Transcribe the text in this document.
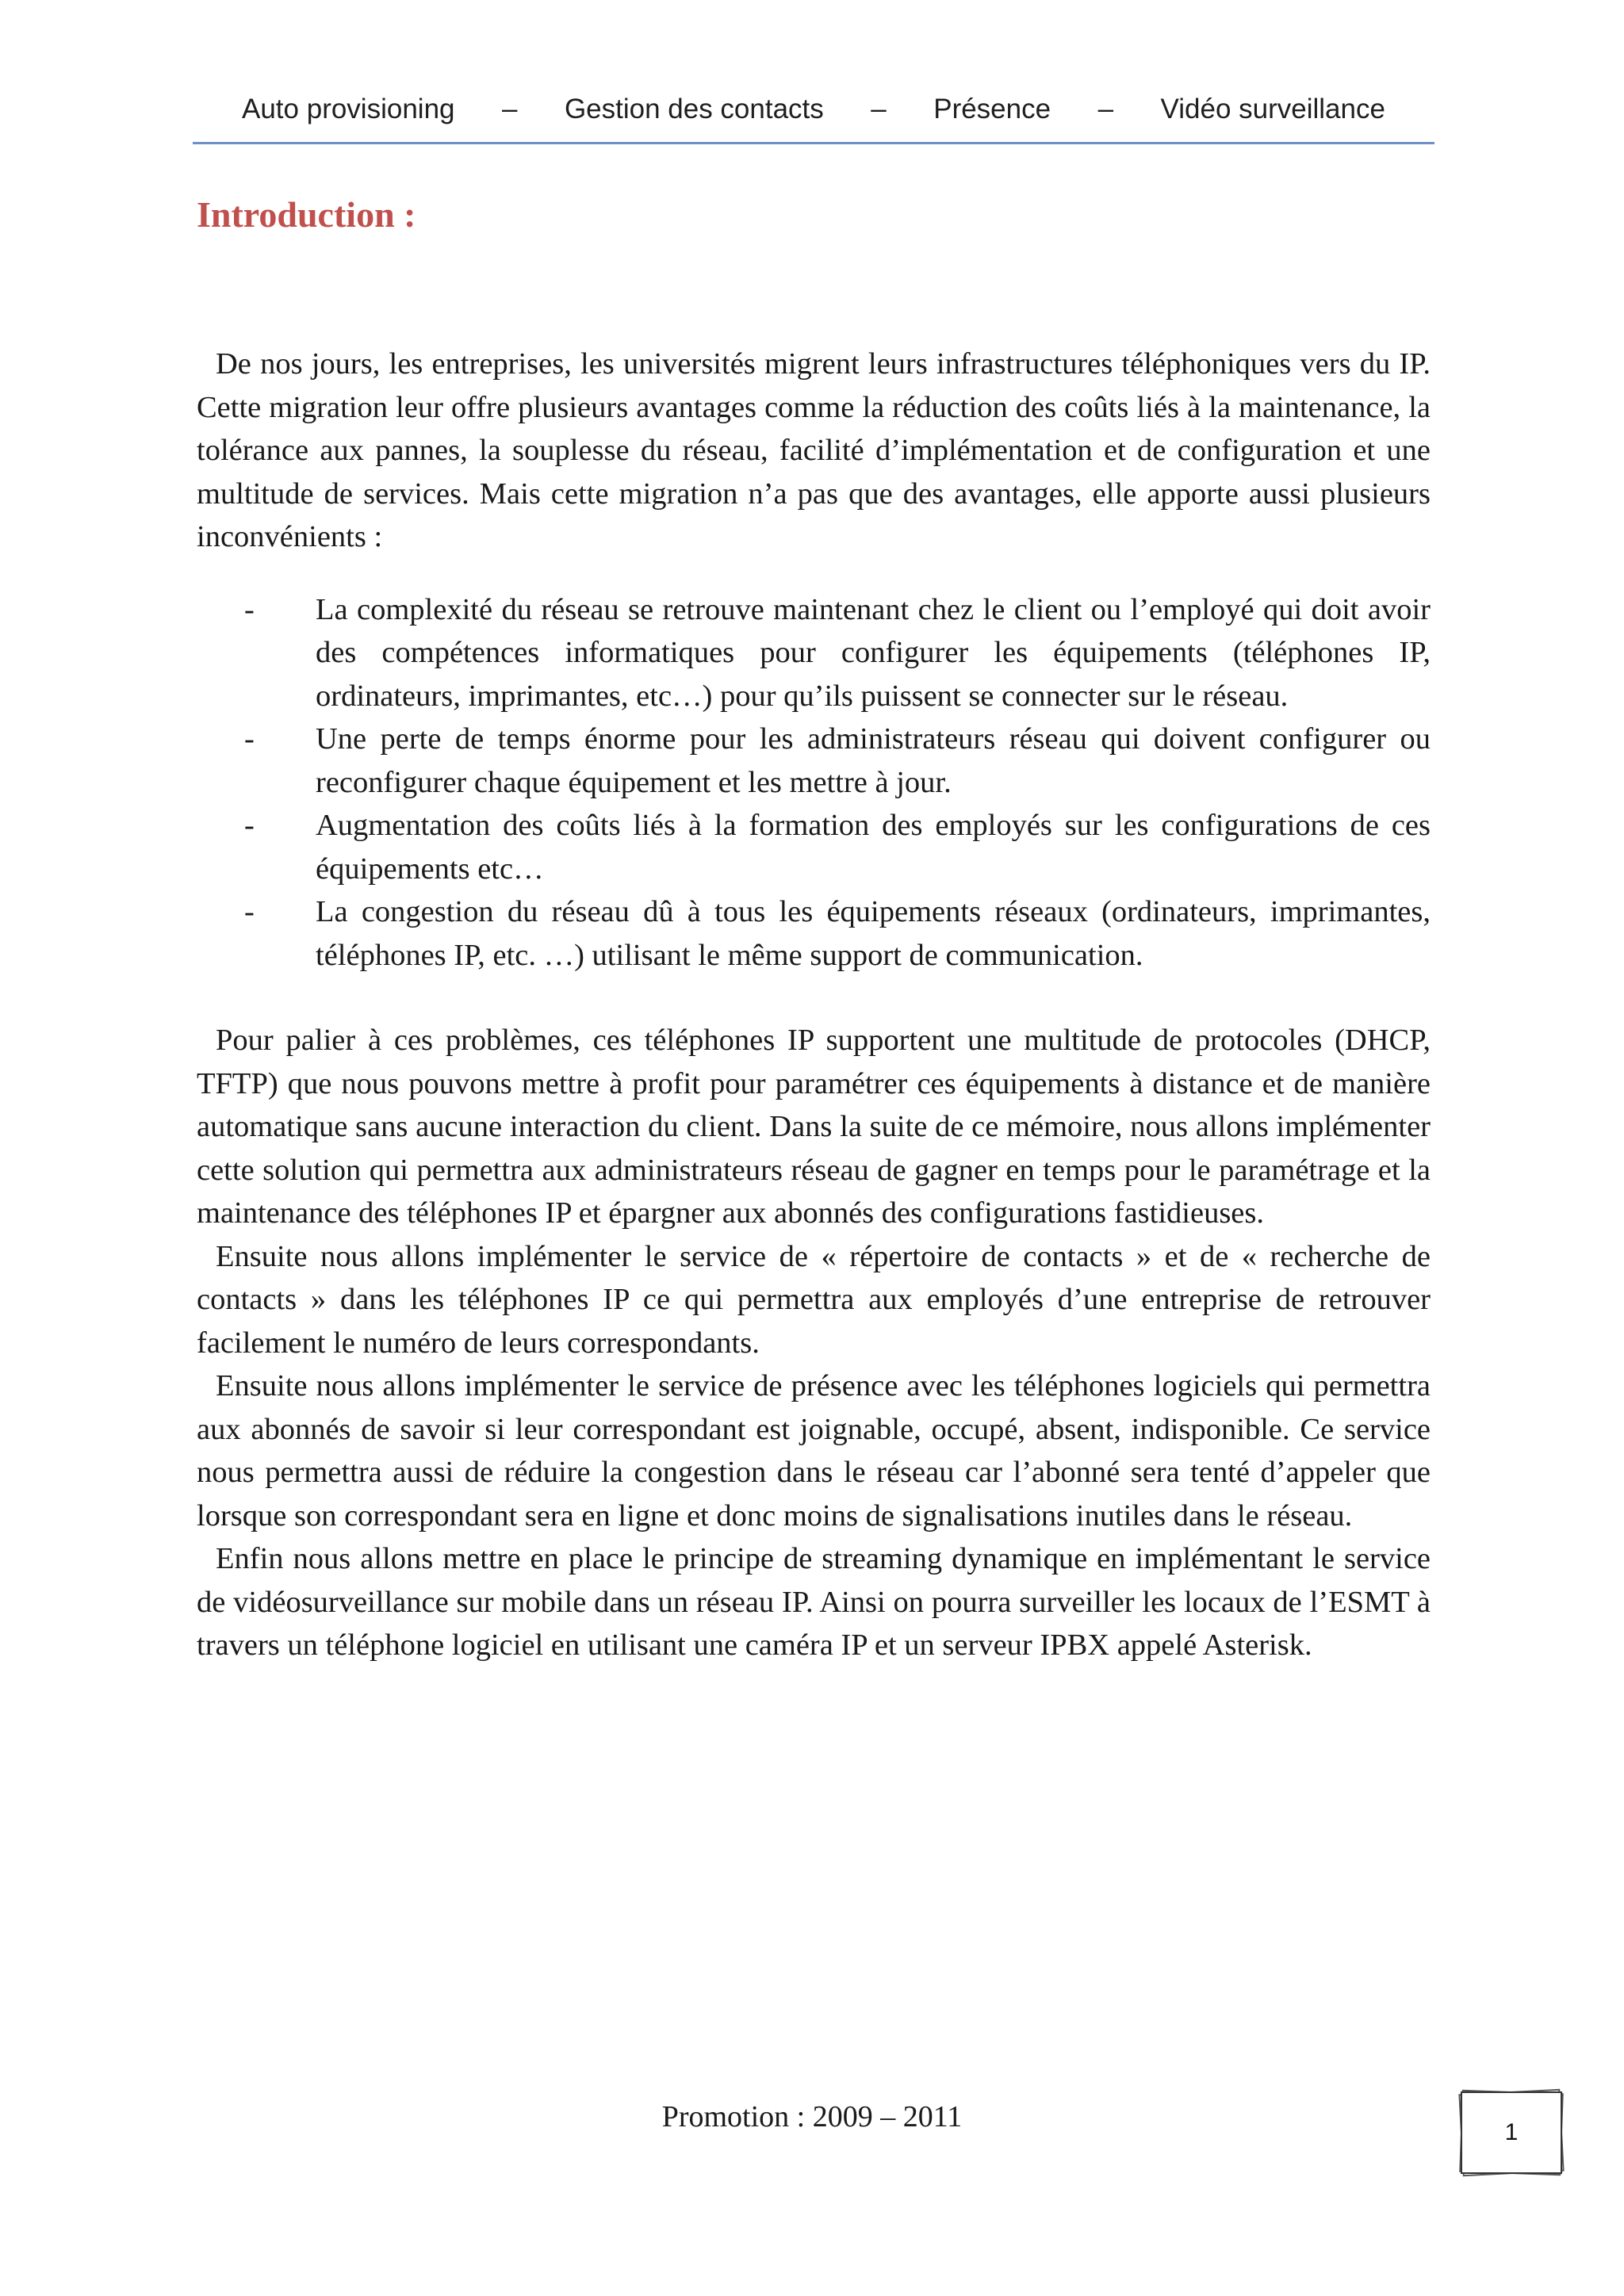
Auto provisioning – Gestion des contacts – Présence – Vidéo surveillance
Introduction :

De nos jours, les entreprises, les universités migrent leurs infrastructures téléphoniques vers du IP. Cette migration leur offre plusieurs avantages comme la réduction des coûts liés à la maintenance, la tolérance aux pannes, la souplesse du réseau, facilité d’implémentation et de configuration et une multitude de services. Mais cette migration n’a pas que des avantages, elle apporte aussi plusieurs inconvénients :

- La complexité du réseau se retrouve maintenant chez le client ou l’employé qui doit avoir des compétences informatiques pour configurer les équipements (téléphones IP, ordinateurs, imprimantes, etc…) pour qu’ils puissent se connecter sur le réseau.
- Une perte de temps énorme pour les administrateurs réseau qui doivent configurer ou reconfigurer chaque équipement et les mettre à jour.
- Augmentation des coûts liés à la formation des employés sur les configurations de ces équipements etc…
- La congestion du réseau dû à tous les équipements réseaux (ordinateurs, imprimantes, téléphones IP, etc. …) utilisant le même support de communication.

Pour palier à ces problèmes, ces téléphones IP supportent une multitude de protocoles (DHCP, TFTP) que nous pouvons mettre à profit pour paramétrer ces équipements à distance et de manière automatique sans aucune interaction du client. Dans la suite de ce mémoire, nous allons implémenter cette solution qui permettra aux administrateurs réseau de gagner en temps pour le paramétrage et la maintenance des téléphones IP et épargner aux abonnés des configurations fastidieuses.

Ensuite nous allons implémenter le service de « répertoire de contacts » et de « recherche de contacts » dans les téléphones IP ce qui permettra aux employés d’une entreprise de retrouver facilement le numéro de leurs correspondants.

Ensuite nous allons implémenter le service de présence avec les téléphones logiciels qui permettra aux abonnés de savoir si leur correspondant est joignable, occupé, absent, indisponible. Ce service nous permettra aussi de réduire la congestion dans le réseau car l’abonné sera tenté d’appeler que lorsque son correspondant sera en ligne et donc moins de signalisations inutiles dans le réseau.

Enfin nous allons mettre en place le principe de streaming dynamique en implémentant le service de vidéosurveillance sur mobile dans un réseau IP. Ainsi on pourra surveiller les locaux de l’ESMT à travers un téléphone logiciel en utilisant une caméra IP et un serveur IPBX appelé Asterisk.

Promotion : 2009 – 2011	1
